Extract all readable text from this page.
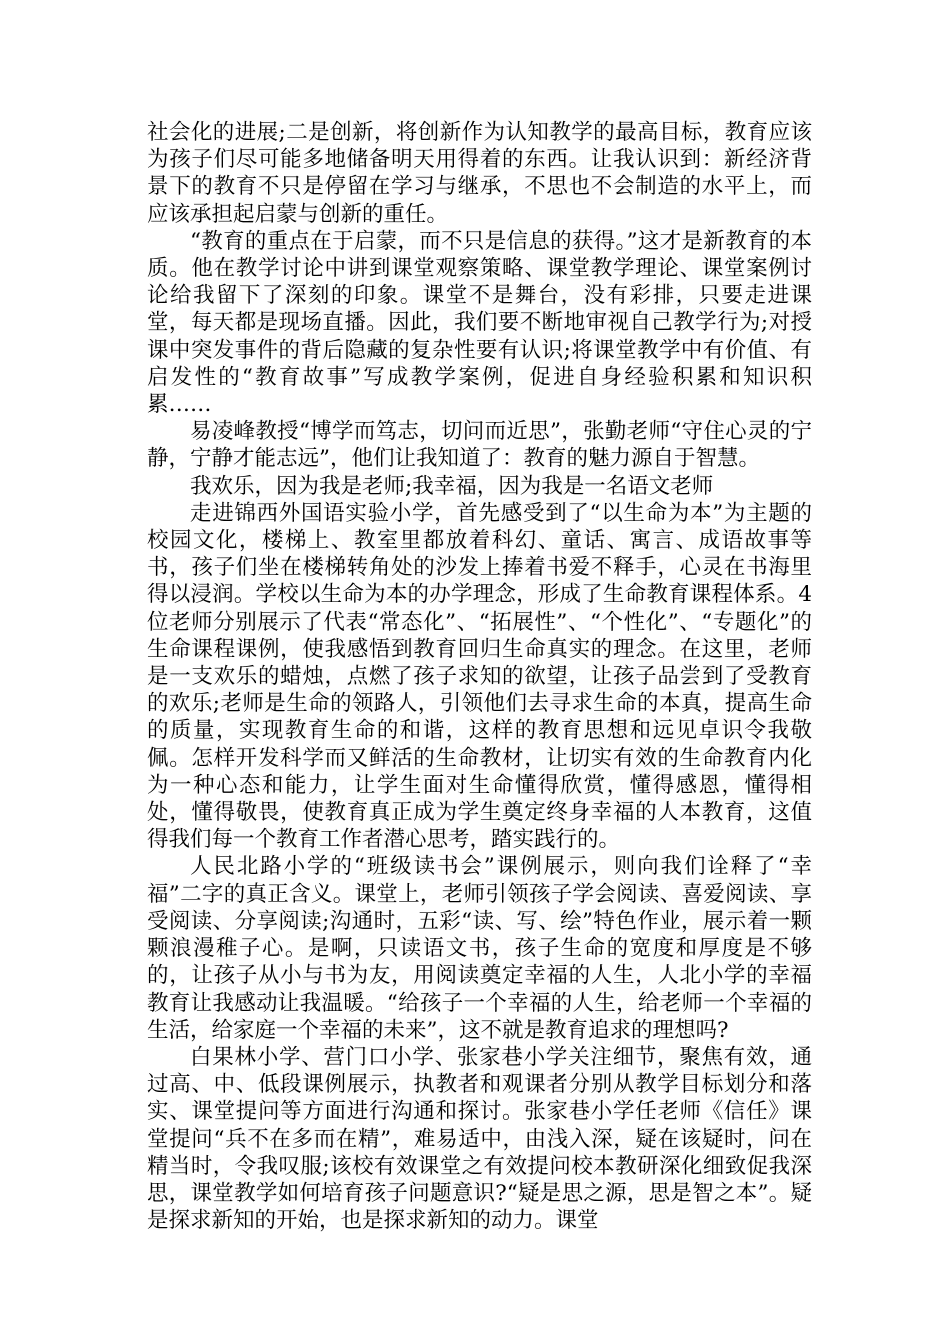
社会化的进展;二是创新，将创新作为认知教学的最高目标，教育应该为孩子们尽可能多地储备明天用得着的东西。让我认识到：新经济背景下的教育不只是停留在学习与继承，不思也不会制造的水平上，而应该承担起启蒙与创新的重任。

“教育的重点在于启蒙，而不只是信息的获得。”这才是新教育的本质。他在教学讨论中讲到课堂观察策略、课堂教学理论、课堂案例讨论给我留下了深刻的印象。课堂不是舞台，没有彩排，只要走进课堂，每天都是现场直播。因此，我们要不断地审视自己教学行为;对授课中突发事件的背后隐藏的复杂性要有认识;将课堂教学中有价值、有启发性的“教育故事”写成教学案例，促进自身经验积累和知识积累……

易凌峰教授“博学而笃志，切问而近思”，张勤老师“守住心灵的宁静，宁静才能志远”，他们让我知道了：教育的魅力源自于智慧。

我欢乐，因为我是老师;我幸福，因为我是一名语文老师

走进锦西外国语实验小学，首先感受到了“以生命为本”为主题的校园文化，楼梯上、教室里都放着科幻、童话、寓言、成语故事等书，孩子们坐在楼梯转角处的沙发上捧着书爱不释手，心灵在书海里得以浸润。学校以生命为本的办学理念，形成了生命教育课程体系。4位老师分别展示了代表“常态化”、“拓展性”、“个性化”、“专题化”的生命课程课例，使我感悟到教育回归生命真实的理念。在这里，老师是一支欢乐的蜡烛，点燃了孩子求知的欲望，让孩子品尝到了受教育的欢乐;老师是生命的领路人，引领他们去寻求生命的本真，提高生命的质量，实现教育生命的和谐，这样的教育思想和远见卓识令我敬佩。怎样开发科学而又鲜活的生命教材，让切实有效的生命教育内化为一种心态和能力，让学生面对生命懂得欣赏，懂得感恩，懂得相处，懂得敬畏，使教育真正成为学生奠定终身幸福的人本教育，这值得我们每一个教育工作者潜心思考，踏实践行的。

人民北路小学的“班级读书会”课例展示，则向我们诠释了“幸福”二字的真正含义。课堂上，老师引领孩子学会阅读、喜爱阅读、享受阅读、分享阅读;沟通时，五彩“读、写、绘”特色作业，展示着一颗颗浪漫稚子心。是啊，只读语文书，孩子生命的宽度和厚度是不够的，让孩子从小与书为友，用阅读奠定幸福的人生，人北小学的幸福教育让我感动让我温暖。“给孩子一个幸福的人生，给老师一个幸福的生活，给家庭一个幸福的未来”，这不就是教育追求的理想吗?

白果林小学、营门口小学、张家巷小学关注细节，聚焦有效，通过高、中、低段课例展示，执教者和观课者分别从教学目标划分和落实、课堂提问等方面进行沟通和探讨。张家巷小学任老师《信任》课堂提问“兵不在多而在精”，难易适中，由浅入深，疑在该疑时，问在精当时，令我叹服;该校有效课堂之有效提问校本教研深化细致促我深思，课堂教学如何培育孩子问题意识?“疑是思之源，思是智之本”。疑是探求新知的开始，也是探求新知的动力。课堂
